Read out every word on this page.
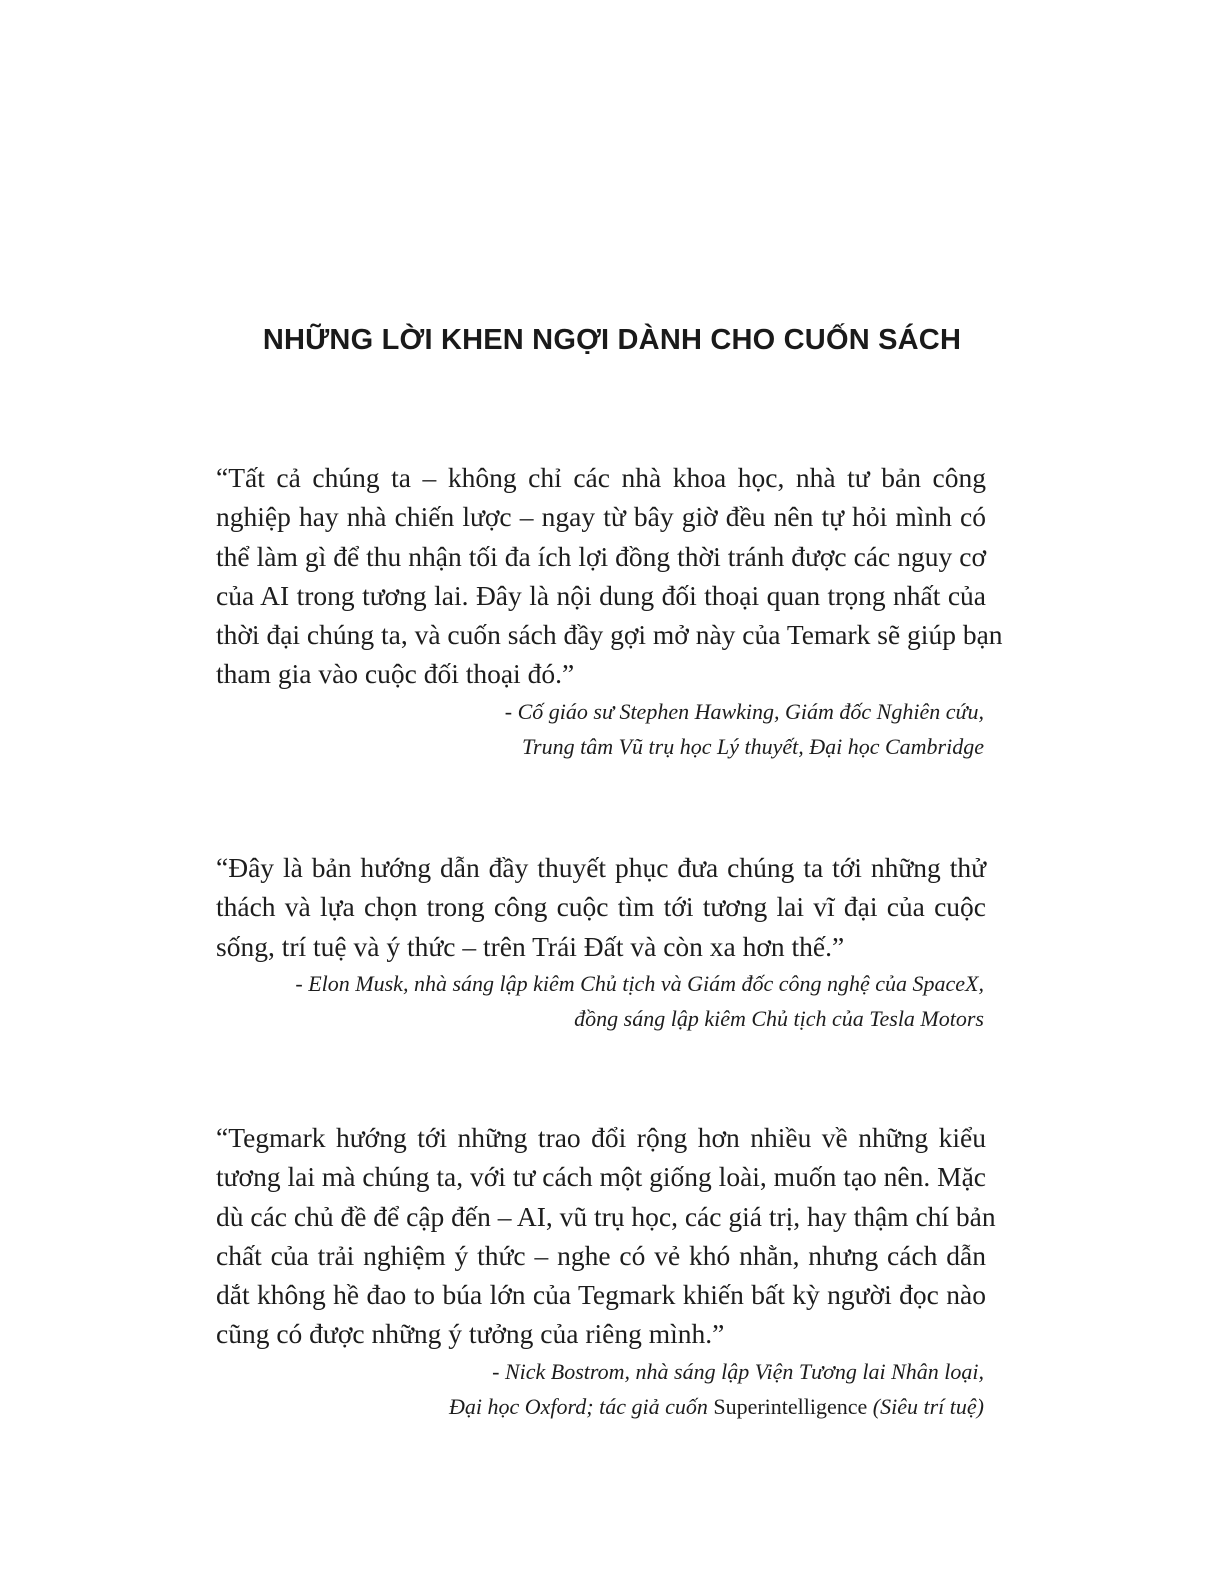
NHỮNG LỜI KHEN NGỢI DÀNH CHO CUỐN SÁCH

“Tất cả chúng ta – không chỉ các nhà khoa học, nhà tư bản công
nghiệp hay nhà chiến lược – ngay từ bây giờ đều nên tự hỏi mình có
thể làm gì để thu nhận tối đa ích lợi đồng thời tránh được các nguy cơ
của AI trong tương lai. Đây là nội dung đối thoại quan trọng nhất của
thời đại chúng ta, và cuốn sách đầy gợi mở này của Temark sẽ giúp bạn
tham gia vào cuộc đối thoại đó.”

- Cố giáo sư Stephen Hawking, Giám đốc Nghiên cứu,
Trung tâm Vũ trụ học Lý thuyết, Đại học Cambridge

“Đây là bản hướng dẫn đầy thuyết phục đưa chúng ta tới những thử
thách và lựa chọn trong công cuộc tìm tới tương lai vĩ đại của cuộc
sống, trí tuệ và ý thức – trên Trái Đất và còn xa hơn thế.”

- Elon Musk, nhà sáng lập kiêm Chủ tịch và Giám đốc công nghệ của SpaceX,
đồng sáng lập kiêm Chủ tịch của Tesla Motors

“Tegmark hướng tới những trao đổi rộng hơn nhiều về những kiểu
tương lai mà chúng ta, với tư cách một giống loài, muốn tạo nên. Mặc
dù các chủ đề để cập đến – AI, vũ trụ học, các giá trị, hay thậm chí bản
chất của trải nghiệm ý thức – nghe có vẻ khó nhằn, nhưng cách dẫn
dắt không hề đao to búa lớn của Tegmark khiến bất kỳ người đọc nào
cũng có được những ý tưởng của riêng mình.”

- Nick Bostrom, nhà sáng lập Viện Tương lai Nhân loại,
Đại học Oxford; tác giả cuốn Superintelligence (Siêu trí tuệ)
